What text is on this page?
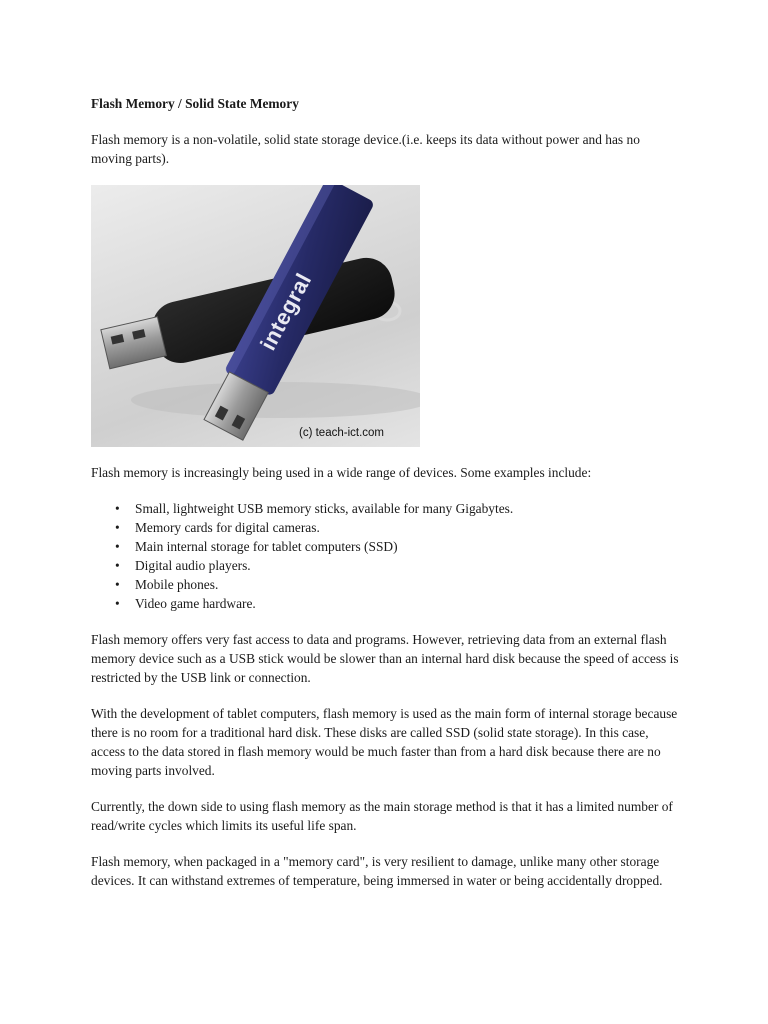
Flash Memory / Solid State Memory

Flash memory is a non-volatile, solid state storage device.(i.e. keeps its data without power and has no moving parts).

integral
(c) teach-ict.com

Flash memory is increasingly being used in a wide range of devices. Some examples include:

• Small, lightweight USB memory sticks, available for many Gigabytes.
• Memory cards for digital cameras.
• Main internal storage for tablet computers (SSD)
• Digital audio players.
• Mobile phones.
• Video game hardware.

Flash memory offers very fast access to data and programs. However, retrieving data from an external flash memory device such as a USB stick would be slower than an internal hard disk because the speed of access is restricted by the USB link or connection.

With the development of tablet computers, flash memory is used as the main form of internal storage because there is no room for a traditional hard disk. These disks are called SSD (solid state storage). In this case, access to the data stored in flash memory would be much faster than from a hard disk because there are no moving parts involved.

Currently, the down side to using flash memory as the main storage method is that it has a limited number of read/write cycles which limits its useful life span.

Flash memory, when packaged in a "memory card", is very resilient to damage, unlike many other storage devices. It can withstand extremes of temperature, being immersed in water or being accidentally dropped.
